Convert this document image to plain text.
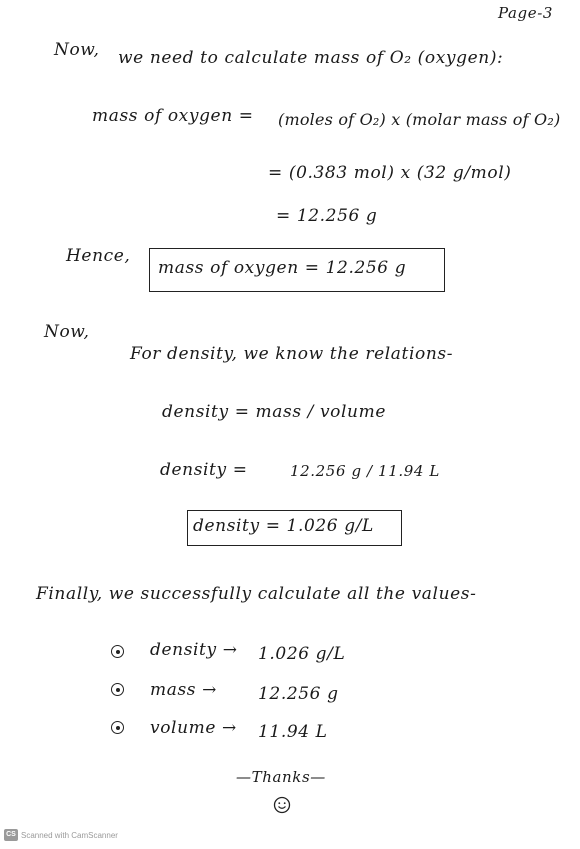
Page-3
Now, we need to calculate mass of O₂ (oxygen):
mass of oxygen = (moles of O₂) x (molar mass of O₂)
= (0.383 mol) x (32 g/mol)
= 12.256 g
Hence,
mass of oxygen = 12.256 g
Now,
For density, we know the relations-
density = mass / volume
density =	12.256 g / 11.94 L
density = 1.026 g/L
Finally, we successfully calculate all the values-
density → 1.026 g/L
mass → 12.256 g
volume → 11.94 L
—Thanks—
CS Scanned with CamScanner
